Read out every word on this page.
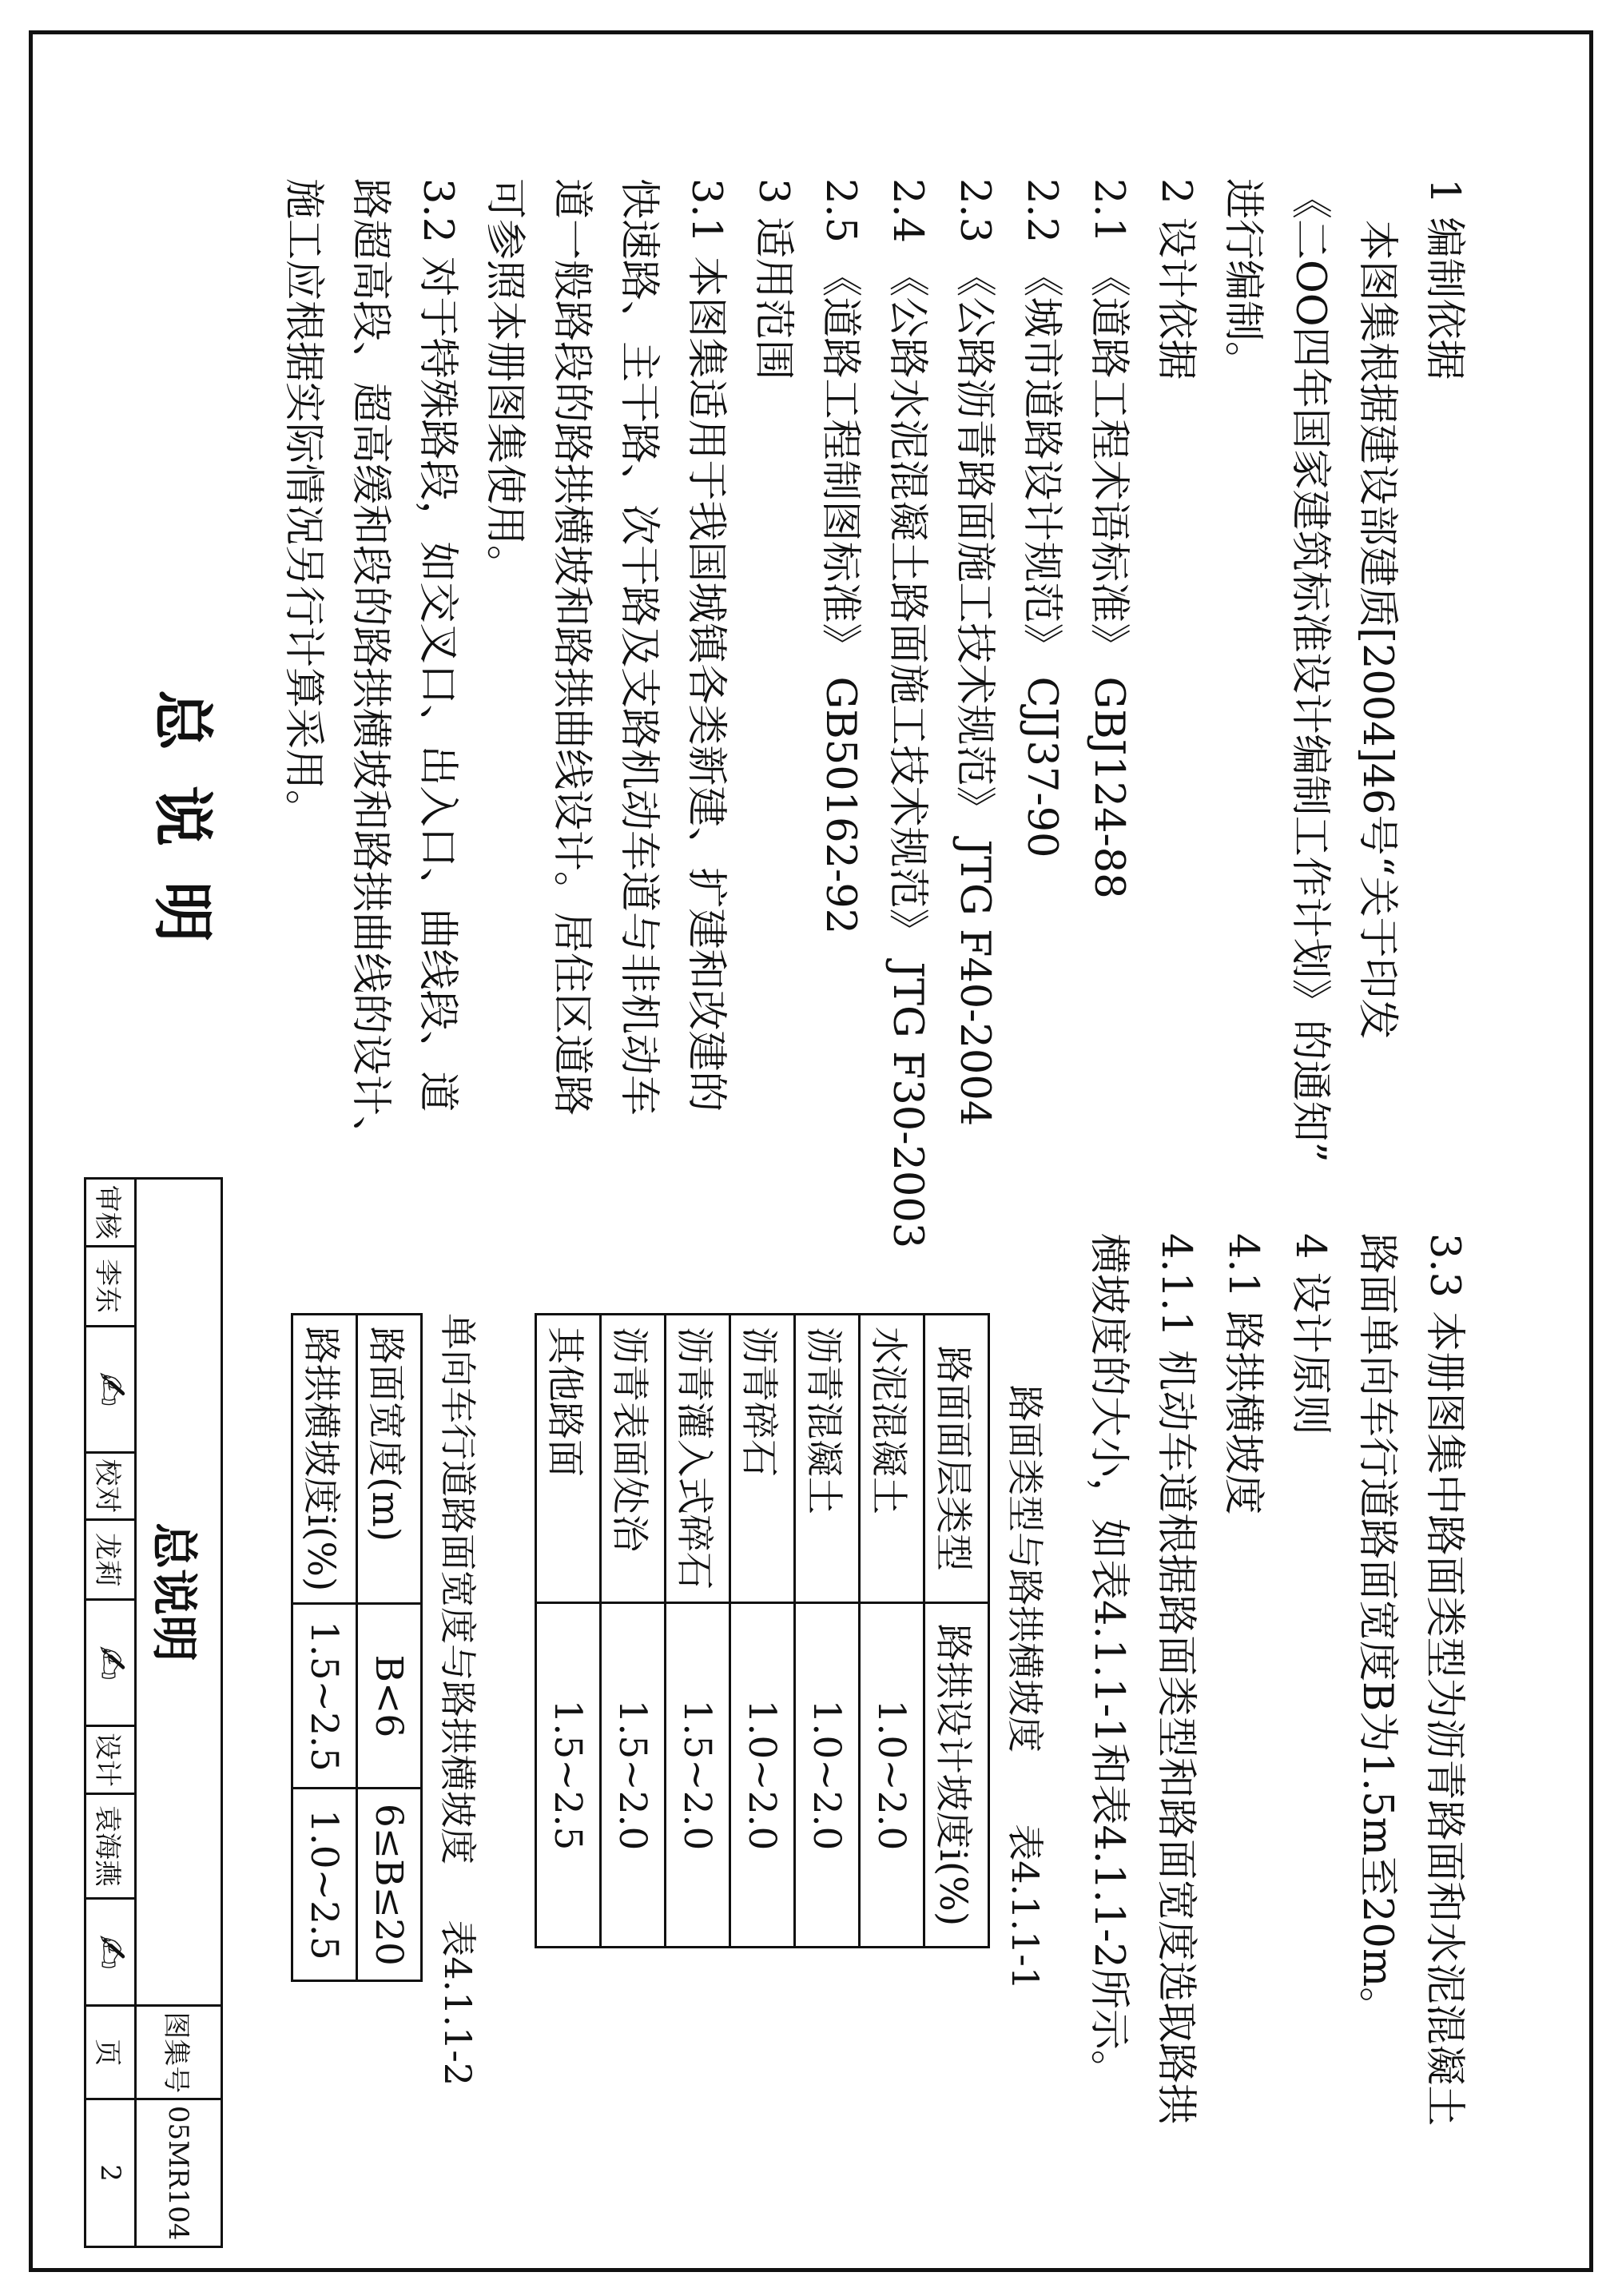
总说明
1 编制依据
本图集根据建设部建质[2004]46号“关于印发
《二OO四年国家建筑标准设计编制工作计划》的通知”
进行编制。
2 设计依据
2.1 《道路工程术语标准》 GBJ124-88
2.2 《城市道路设计规范》 CJJ37-90
2.3 《公路沥青路面施工技术规范》 JTG F40-2004
2.4 《公路水泥混凝土路面施工技术规范》 JTG F30-2003
2.5 《道路工程制图标准》 GB50162-92
3 适用范围
3.1 本图集适用于我国城镇各类新建、扩建和改建的
快速路、主干路、次干路及支路机动车道与非机动车
道一般路段的路拱横坡和路拱曲线设计。居住区道路
可参照本册图集使用。
3.2 对于特殊路段，如交叉口、出入口、曲线段、道
路超高段、超高缓和段的路拱横坡和路拱曲线的设计、
施工应根据实际情况另行计算采用。
3.3 本册图集中路面类型为沥青路面和水泥混凝土
路面单向车行道路面宽度B为1.5m至20m。
4 设计原则
4.1 路拱横坡度
4.1.1 机动车道根据路面类型和路面宽度选取路拱
横坡度的大小，如表4.1.1-1和表4.1.1-2所示。
路面类型与路拱横坡度  表4.1.1-1
路面面层类型	路拱设计坡度i(%)
水泥混凝土	1.0~2.0
沥青混凝土	1.0~2.0
沥青碎石	1.0~2.0
沥青灌入式碎石	1.5~2.0
沥青表面处治	1.5~2.0
其他路面	1.5~2.5
单向车行道路面宽度与路拱横坡度  表4.1.1-2
路面宽度(m)	B<6	6≤B≤20
路拱横坡度i(%)	1.5~2.5	1.0~2.5
总说明									图集号	05MR104
审核	李东	✍	校对	龙莉	✍	设计	袁海燕	✍	页	2
